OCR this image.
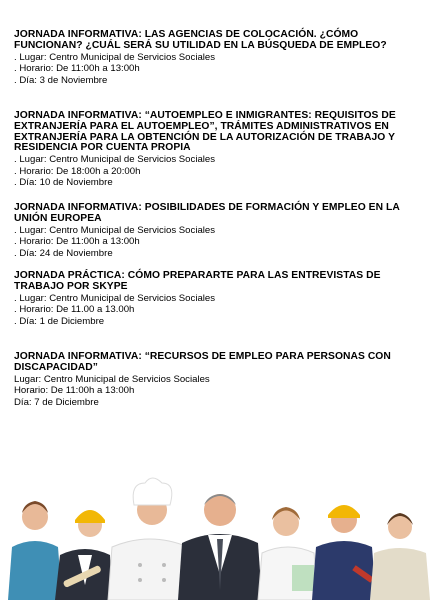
JORNADA INFORMATIVA: LAS AGENCIAS DE COLOCACIÓN. ¿CÓMO FUNCIONAN? ¿CUÁL SERÁ SU UTILIDAD EN LA BÚSQUEDA DE EMPLEO?
. Lugar: Centro Municipal de Servicios Sociales
. Horario: De 11:00h a 13:00h
. Día: 3 de Noviembre
JORNADA INFORMATIVA: “AUTOEMPLEO E INMIGRANTES: REQUISITOS DE EXTRANJERÍA PARA EL AUTOEMPLEO”, TRÁMITES ADMINISTRATIVOS EN EXTRANJERÍA PARA LA OBTENCIÓN DE LA AUTORIZACIÓN DE TRABAJO Y RESIDENCIA POR CUENTA PROPIA
. Lugar: Centro Municipal de Servicios Sociales
. Horario: De 18:00h a 20:00h
. Día: 10 de Noviembre
JORNADA INFORMATIVA: POSIBILIDADES DE FORMACIÓN Y EMPLEO EN LA UNIÓN EUROPEA
. Lugar: Centro Municipal de Servicios Sociales
. Horario: De 11:00h a 13:00h
. Día: 24 de Noviembre
JORNADA PRÁCTICA: CÓMO PREPARARTE PARA LAS ENTREVISTAS DE TRABAJO POR SKYPE
. Lugar: Centro Municipal de Servicios Sociales
. Horario: De 11.00 a 13.00h
. Día: 1 de Diciembre
JORNADA INFORMATIVA: “RECURSOS DE EMPLEO PARA PERSONAS CON DISCAPACIDAD”
Lugar: Centro Municipal de Servicios Sociales
Horario: De 11:00h a 13:00h
Día: 7 de Diciembre
